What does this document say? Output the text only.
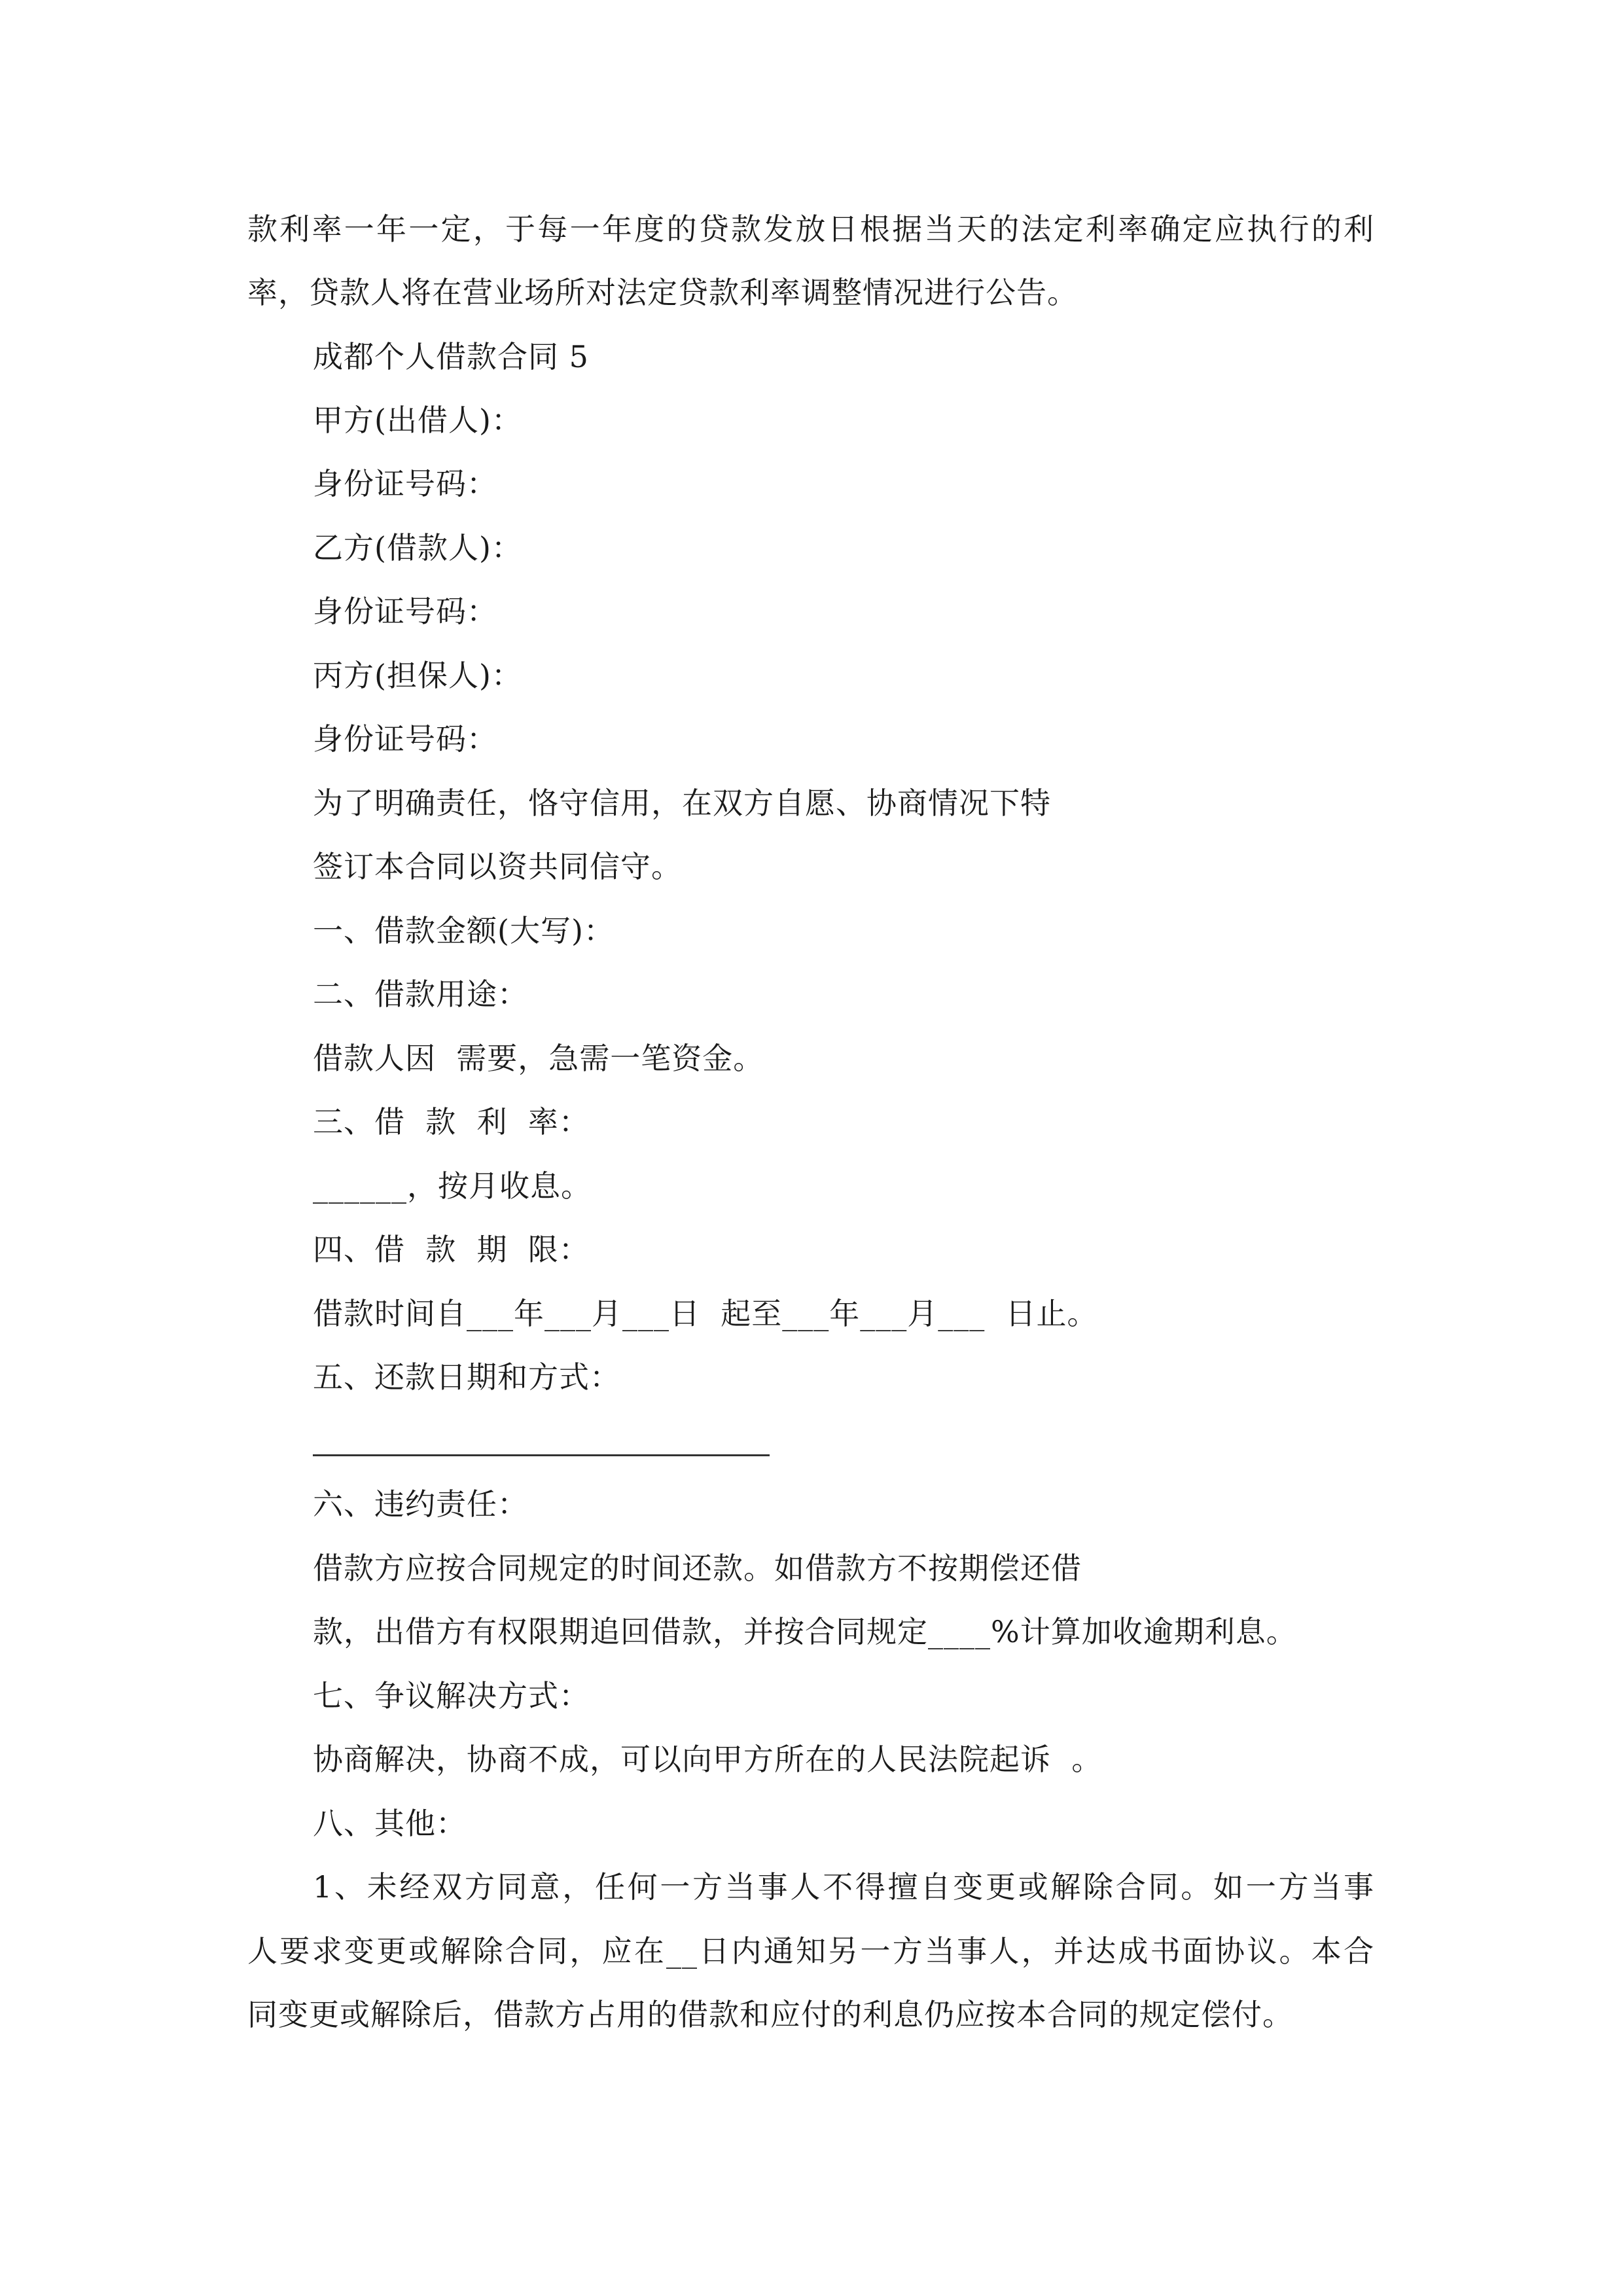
款利率一年一定，于每一年度的贷款发放日根据当天的法定利率确定应执行的利
率，贷款人将在营业场所对法定贷款利率调整情况进行公告。
成都个人借款合同 5
甲方(出借人)：
身份证号码：
乙方(借款人)：
身份证号码：
丙方(担保人)：
身份证号码：
为了明确责任，恪守信用，在双方自愿、协商情况下特
签订本合同以资共同信守。
一、借款金额(大写)：
二、借款用途：
借款人因  需要，急需一笔资金。
三、借  款  利  率：
______，按月收息。
四、借  款  期  限：
借款时间自___年___月___日  起至___年___月___  日止。
五、还款日期和方式：
六、违约责任：
借款方应按合同规定的时间还款。如借款方不按期偿还借
款，出借方有权限期追回借款，并按合同规定____%计算加收逾期利息。
七、争议解决方式：
协商解决，协商不成，可以向甲方所在的人民法院起诉  。
八、其他：
1、未经双方同意，任何一方当事人不得擅自变更或解除合同。如一方当事
人要求变更或解除合同，应在__日内通知另一方当事人，并达成书面协议。本合
同变更或解除后，借款方占用的借款和应付的利息仍应按本合同的规定偿付。
